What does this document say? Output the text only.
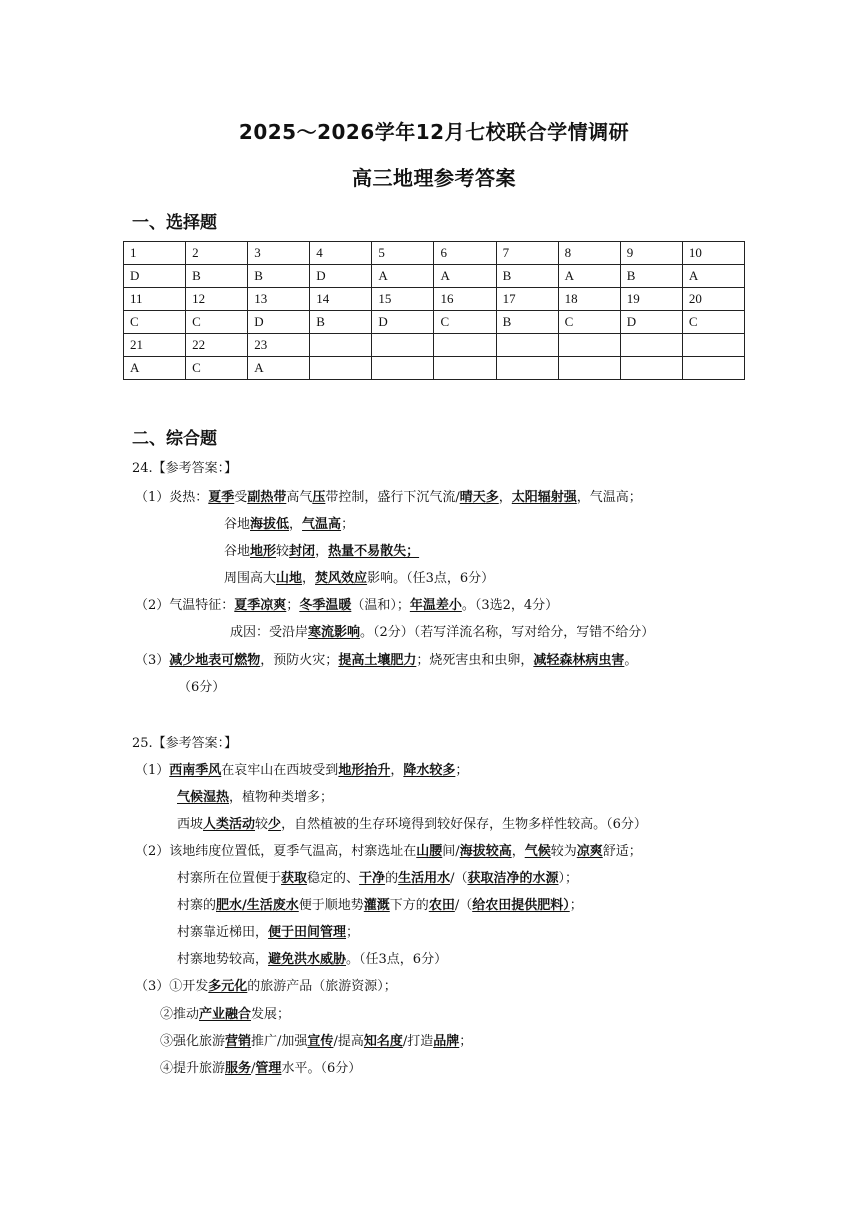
2025～2026学年12月七校联合学情调研
高三地理参考答案
一、选择题
1	2	3	4	5	6	7	8	9	10
D	B	B	D	A	A	B	A	B	A
11	12	13	14	15	16	17	18	19	20
C	C	D	B	D	C	B	C	D	C
21	22	23							
A	C	A							
二、综合题
24.【参考答案：】
（1）炎热：夏季受副热带高气压带控制，盛行下沉气流/晴天多，太阳辐射强，气温高；
谷地海拔低，气温高；
谷地地形较封闭，热量不易散失；
周围高大山地，焚风效应影响。（任3点，6分）
（2）气温特征：夏季凉爽；冬季温暖（温和）；年温差小。（3选2，4分）
成因：受沿岸寒流影响。（2分）（若写洋流名称，写对给分，写错不给分）
（3）减少地表可燃物，预防火灾；提高土壤肥力；烧死害虫和虫卵，减轻森林病虫害。
（6分）
25.【参考答案：】
（1）西南季风在哀牢山在西坡受到地形抬升，降水较多；
气候湿热，植物种类增多；
西坡人类活动较少，自然植被的生存环境得到较好保存，生物多样性较高。（6分）
（2）该地纬度位置低，夏季气温高，村寨选址在山腰间/海拔较高，气候较为凉爽舒适；
村寨所在位置便于获取稳定的、干净的生活用水/（获取洁净的水源）；
村寨的肥水/生活废水便于顺地势灌溉下方的农田/（给农田提供肥料）；
村寨靠近梯田，便于田间管理；
村寨地势较高，避免洪水威胁。（任3点，6分）
（3）①开发多元化的旅游产品（旅游资源）；
②推动产业融合发展；
③强化旅游营销推广/加强宣传/提高知名度/打造品牌；
④提升旅游服务/管理水平。（6分）
